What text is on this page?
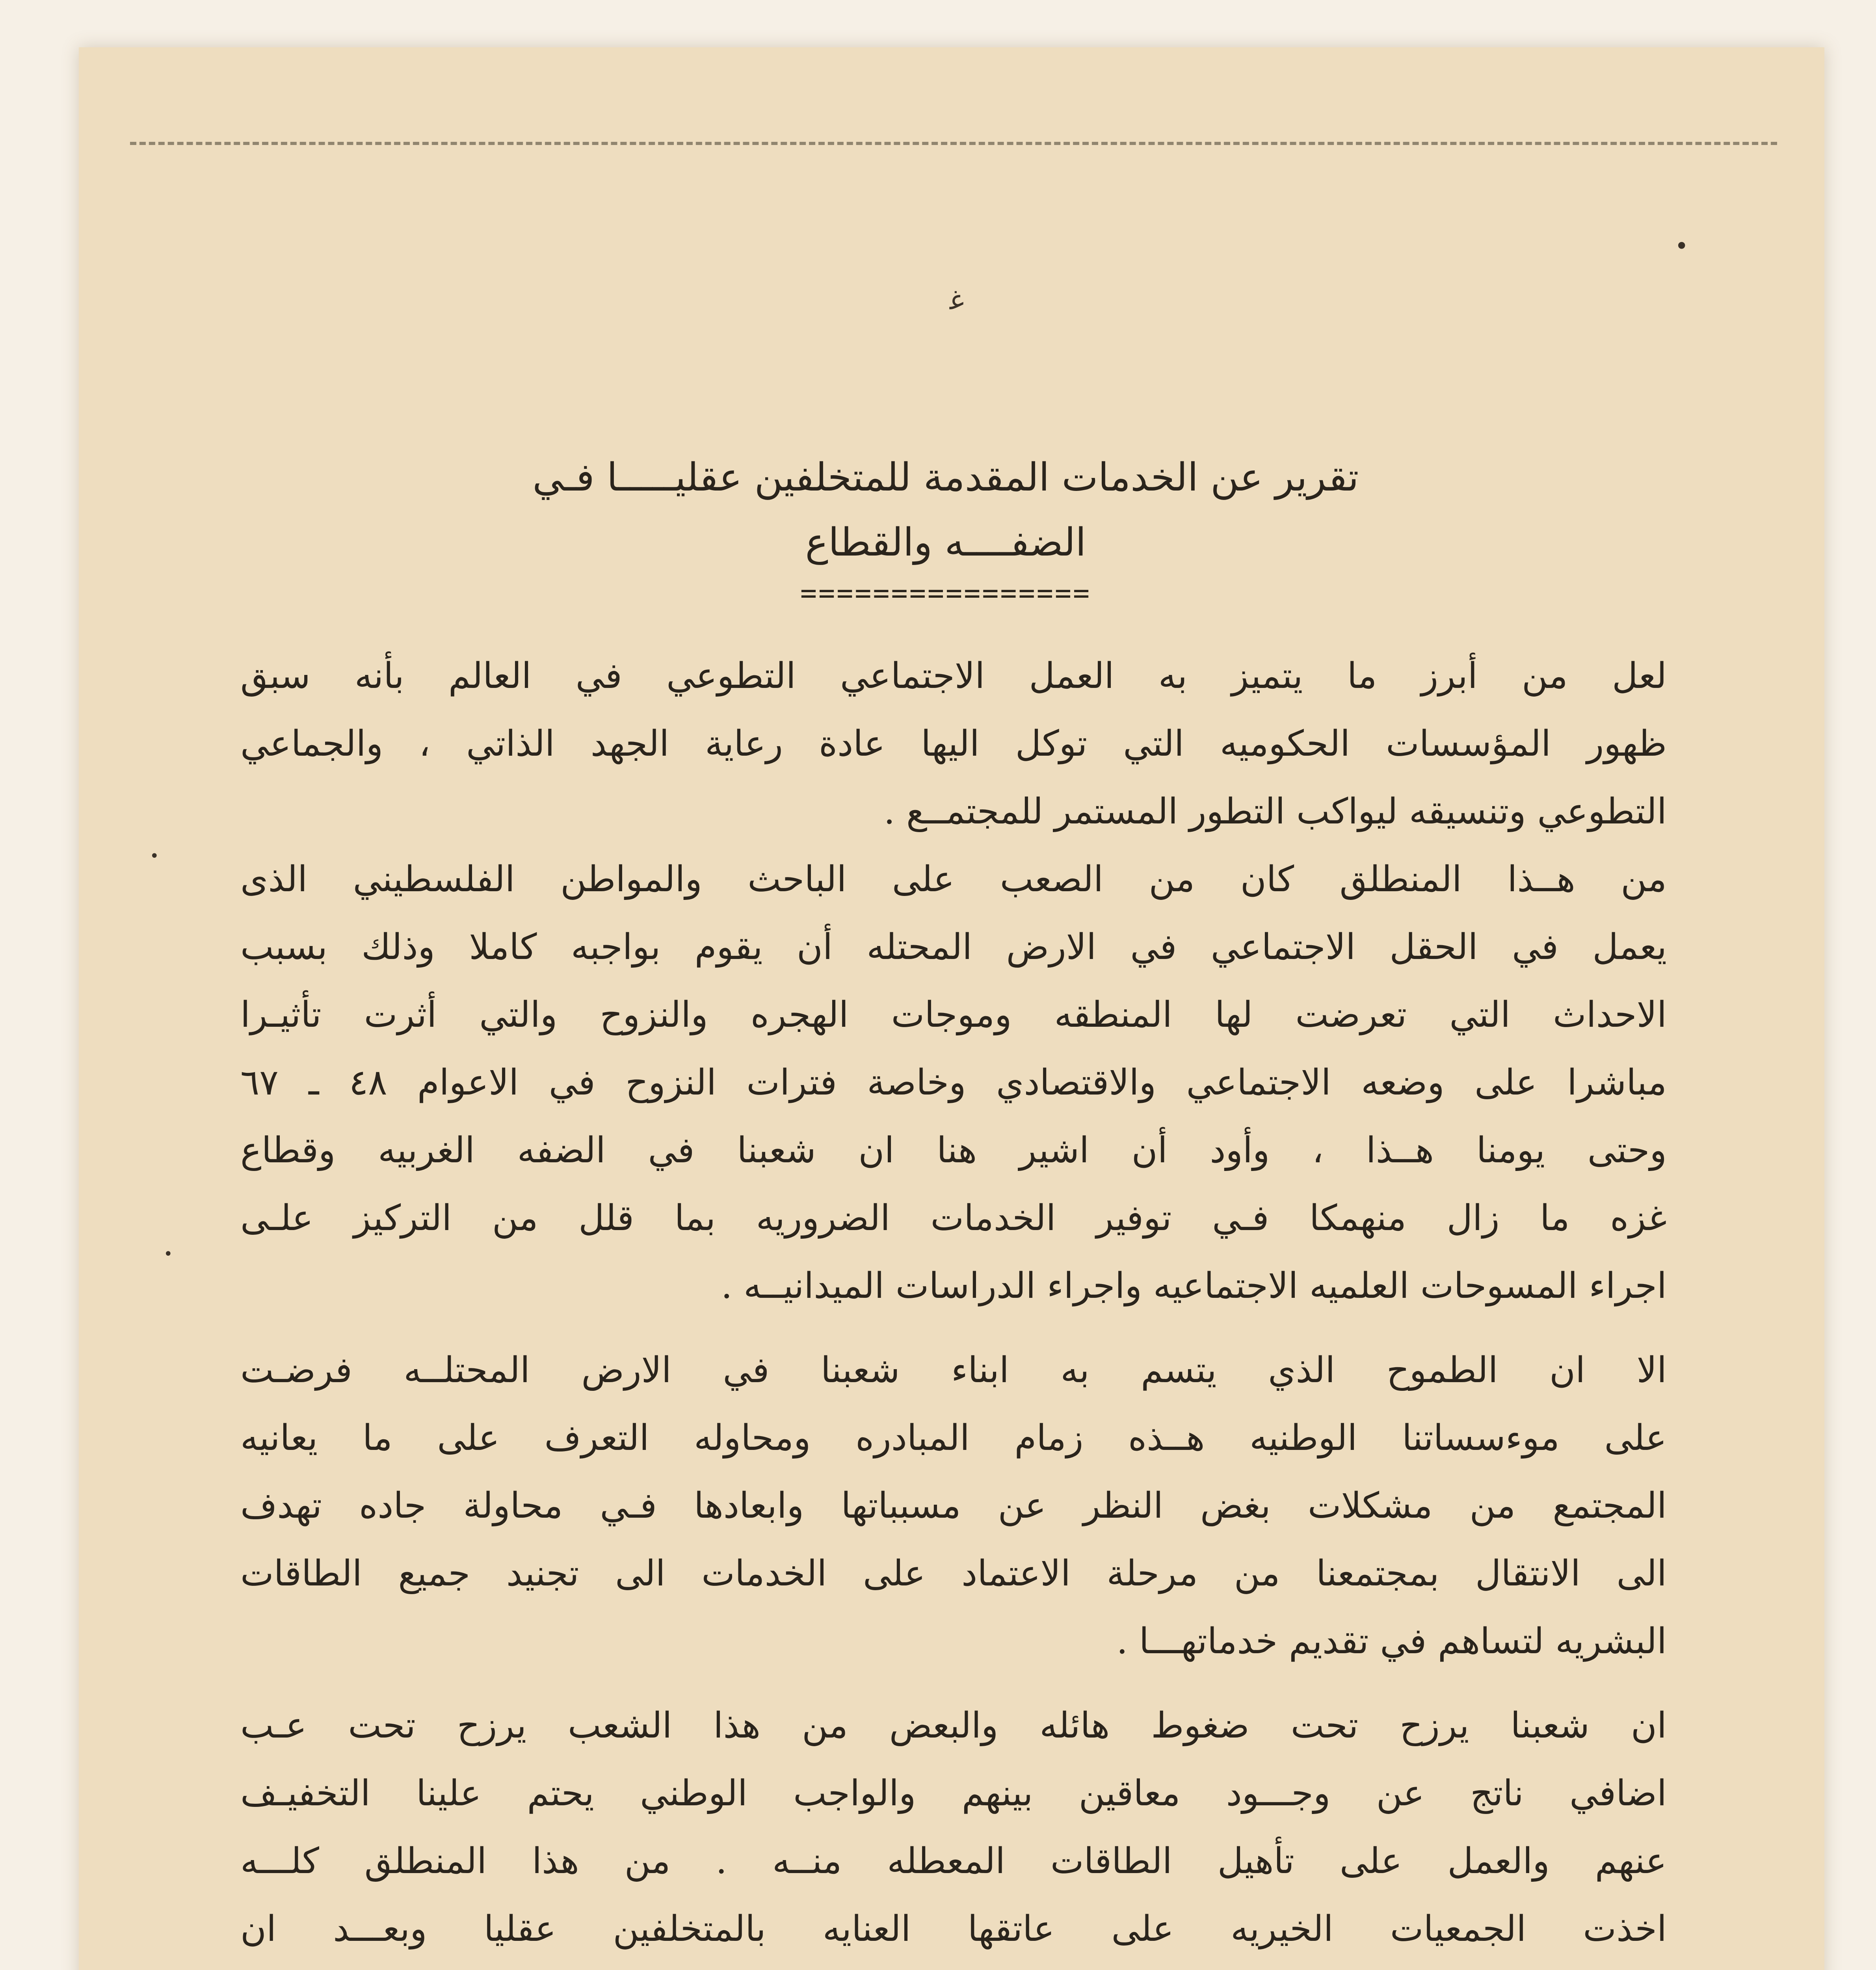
ﻏ
•
•
•
تقرير عن الخدمات المقدمة للمتخلفين عقليـــــا فـي
الضفــــه والقطاع
================

لعل من أبرز ما يتميز به العمل الاجتماعي التطوعي في العالم بأنه سبق

ظهور المؤسسات الحكوميه التي توكل اليها عادة رعاية الجهد الذاتي ، والجماعي

التطوعي وتنسيقه ليواكب التطور المستمر للمجتمــع .

من هــذا المنطلق كان من الصعب على الباحث والمواطن الفلسطيني الذى

يعمل في الحقل الاجتماعي في الارض المحتله أن يقوم بواجبه كاملا وذلك بسبب

الاحداث التي تعرضت لها المنطقه وموجات الهجره والنزوح والتي أثرت تأثيـرا

مباشرا على وضعه الاجتماعي والاقتصادي وخاصة فترات النزوح في الاعوام ٤٨ ـ ٦٧

وحتى يومنا هــذا ، وأود أن اشير هنا ان شعبنا في الضفه الغربيه وقطاع

غزه ما زال منهمكا فـي توفير الخدمات الضروريه بما قلل من التركيز علـى

اجراء المسوحات العلميه الاجتماعيه واجراء الدراسات الميدانيــه .

الا ان الطموح الذي يتسم به ابناء شعبنا في الارض المحتلــه فرضـت

على موءسساتنا الوطنيه هــذه زمام المبادره ومحاوله التعرف على ما يعانيه

المجتمع من مشكلات بغض النظر عن مسبباتها وابعادها فـي محاولة جاده تهدف

الى الانتقال بمجتمعنا من مرحلة الاعتماد على الخدمات الى تجنيد جميع الطاقات

البشريه لتساهم في تقديم خدماتهـــا .

ان شعبنا يرزح تحت ضغوط هائله والبعض من هذا الشعب يرزح تحت عـب

اضافي ناتج عن وجـــود معاقين بينهم والواجب الوطني يحتم علينا التخفيـف

عنهم والعمل على تأهيل الطاقات المعطله منــه . من هذا المنطلق كلـــه

اخذت الجمعيات الخيريه على عاتقها العنايه بالمتخلفين عقليا وبعـــد ان
